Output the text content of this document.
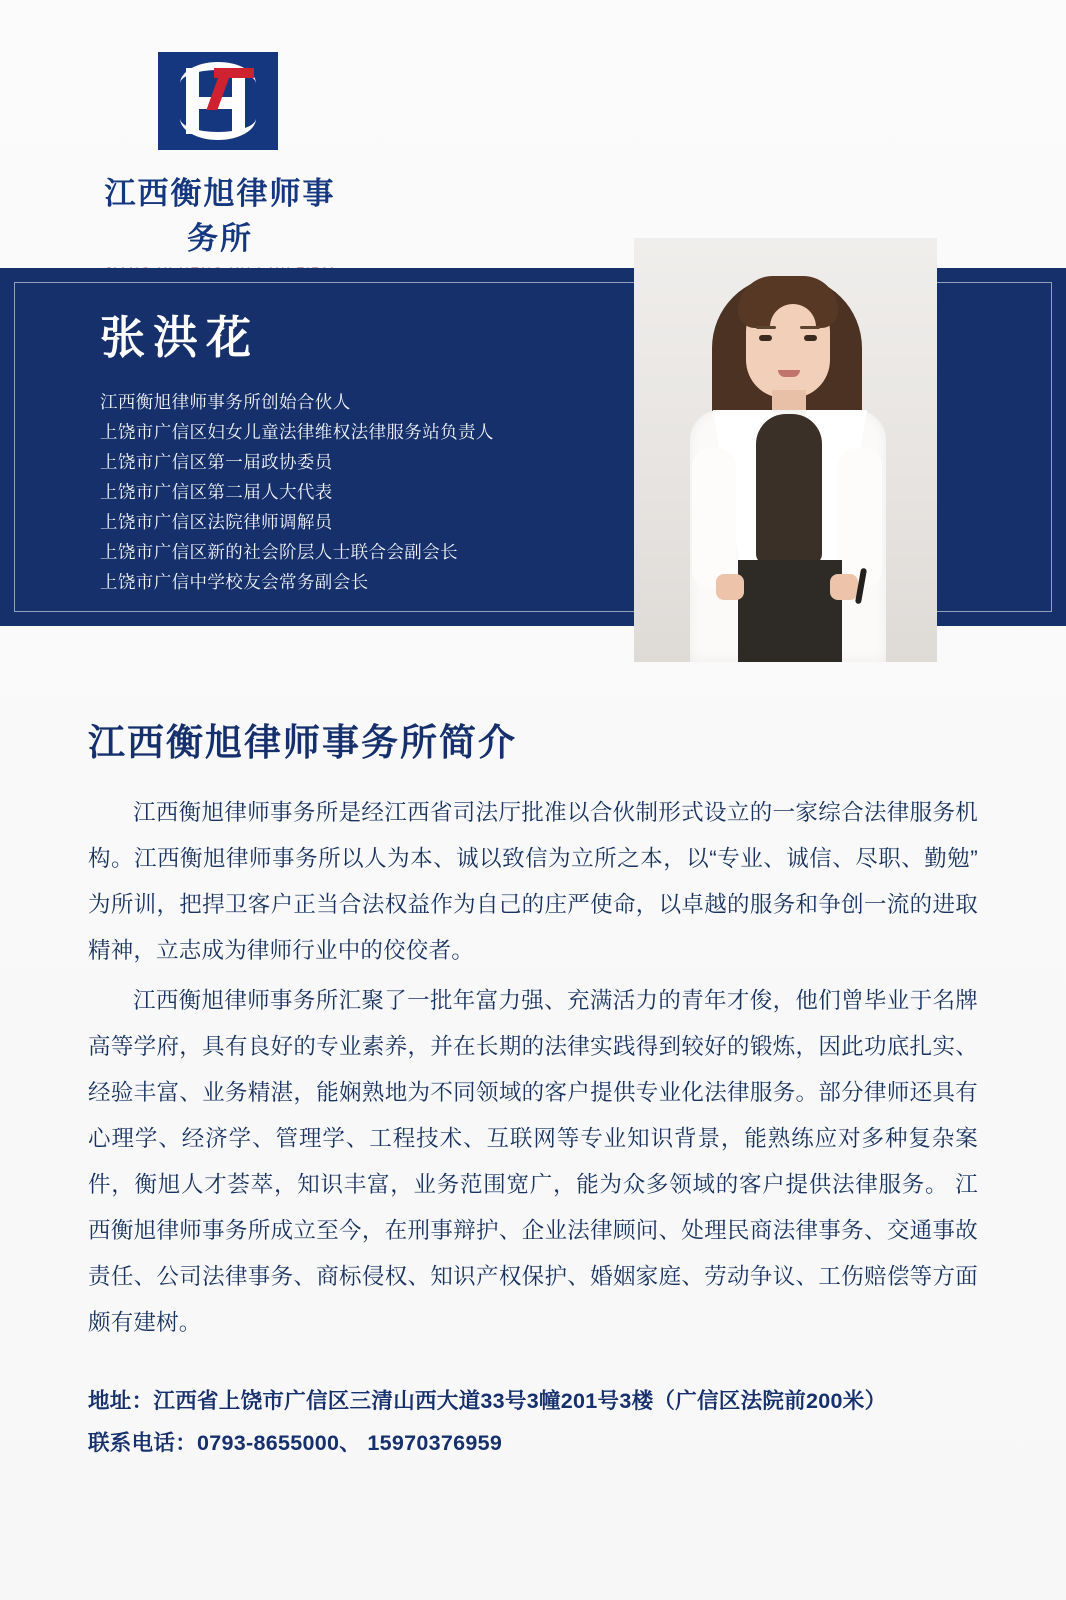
江西衡旭律师事务所
张洪花
江西衡旭律师事务所创始合伙人
上饶市广信区妇女儿童法律维权法律服务站负责人
上饶市广信区第一届政协委员
上饶市广信区第二届人大代表
上饶市广信区法院律师调解员
上饶市广信区新的社会阶层人士联合会副会长
上饶市广信中学校友会常务副会长
江西衡旭律师事务所简介

江西衡旭律师事务所是经江西省司法厅批准以合伙制形式设立的一家综合法律服务机构。江西衡旭律师事务所以人为本、诚以致信为立所之本，以“专业、诚信、尽职、勤勉”为所训，把捍卫客户正当合法权益作为自己的庄严使命，以卓越的服务和争创一流的进取精神，立志成为律师行业中的佼佼者。

江西衡旭律师事务所汇聚了一批年富力强、充满活力的青年才俊，他们曾毕业于名牌高等学府，具有良好的专业素养，并在长期的法律实践得到较好的锻炼，因此功底扎实、经验丰富、业务精湛，能娴熟地为不同领域的客户提供专业化法律服务。部分律师还具有心理学、经济学、管理学、工程技术、互联网等专业知识背景，能熟练应对多种复杂案件，衡旭人才荟萃，知识丰富，业务范围宽广，能为众多领域的客户提供法律服务。 江西衡旭律师事务所成立至今，在刑事辩护、企业法律顾问、处理民商法律事务、交通事故责任、公司法律事务、商标侵权、知识产权保护、婚姻家庭、劳动争议、工伤赔偿等方面颇有建树。

地址：江西省上饶市广信区三清山西大道33号3幢201号3楼（广信区法院前200米）
联系电话：0793-8655000、 15970376959
